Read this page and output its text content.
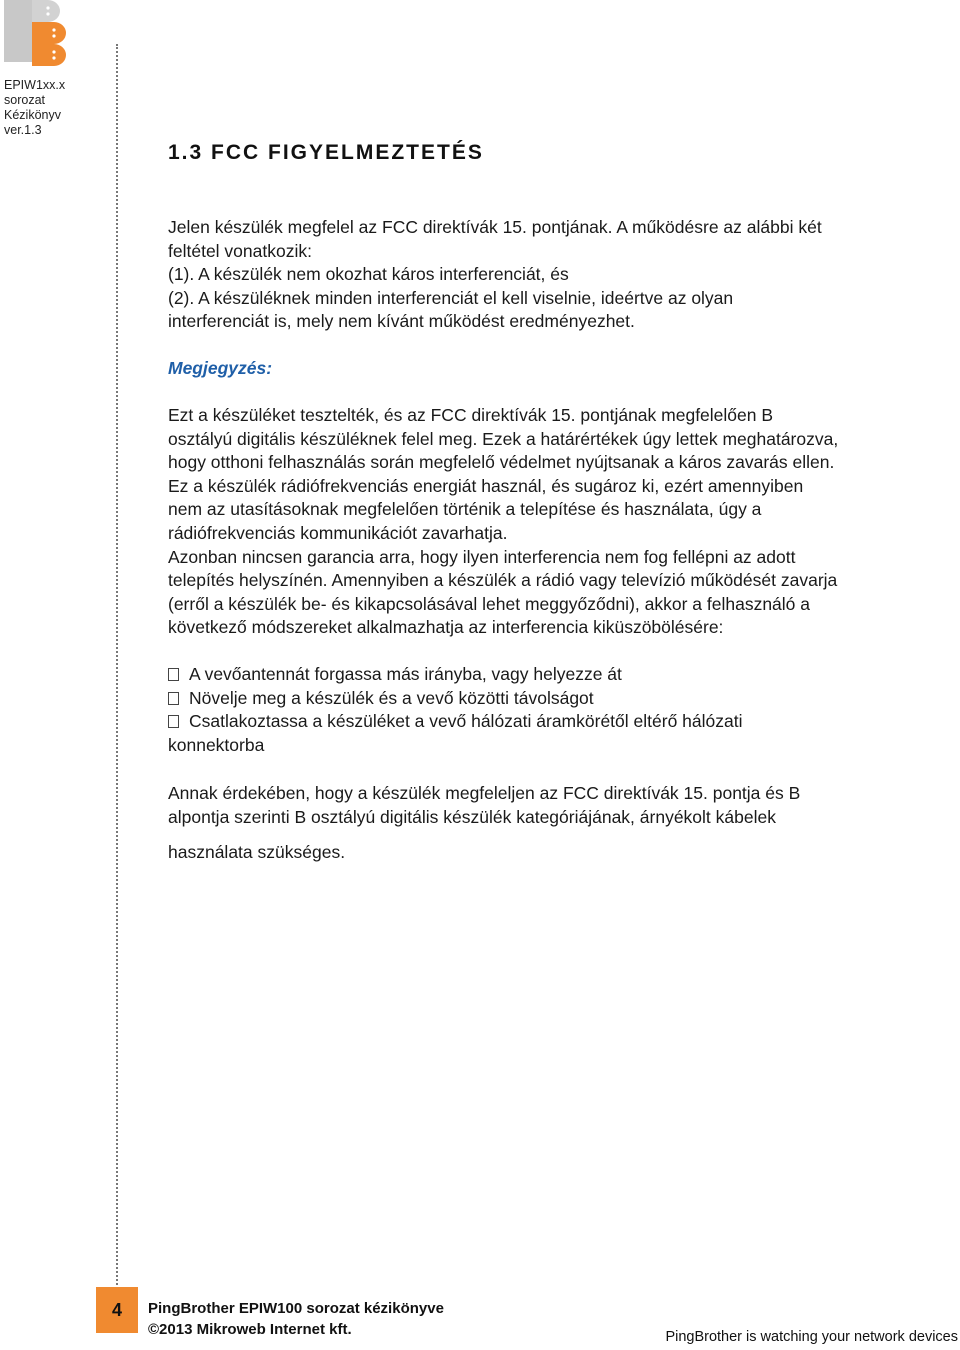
EPIW1xx.x
sorozat
Kézikönyv
ver.1.3
1.3 FCC FIGYELMEZTETÉS
Jelen készülék megfelel az FCC direktívák 15. pontjának. A működésre az alábbi két
feltétel vonatkozik:
(1). A készülék nem okozhat káros interferenciát, és
(2). A készüléknek minden interferenciát el kell viselnie, ideértve az olyan
interferenciát is, mely nem kívánt működést eredményezhet.
Megjegyzés:
Ezt a készüléket tesztelték, és az FCC direktívák 15. pontjának megfelelően B
osztályú digitális készüléknek felel meg. Ezek a határértékek úgy lettek meghatározva,
hogy otthoni felhasználás során megfelelő védelmet nyújtsanak a káros zavarás ellen.
Ez a készülék rádiófrekvenciás energiát használ, és sugároz ki, ezért amennyiben
nem az utasításoknak megfelelően történik a telepítése és használata, úgy a
rádiófrekvenciás kommunikációt zavarhatja.
Azonban nincsen garancia arra, hogy ilyen interferencia nem fog fellépni az adott
telepítés helyszínén. Amennyiben a készülék a rádió vagy televízió működését zavarja
(erről a készülék be- és kikapcsolásával lehet meggyőződni), akkor a felhasználó a
következő módszereket alkalmazhatja az interferencia kiküszöbölésére:
A vevőantennát forgassa más irányba, vagy helyezze át
Növelje meg a készülék és a vevő közötti távolságot
Csatlakoztassa a készüléket a vevő hálózati áramkörétől eltérő hálózati
konnektorba
Annak érdekében, hogy a készülék megfeleljen az FCC direktívák 15. pontja és B
alpontja szerinti B osztályú digitális készülék kategóriájának, árnyékolt kábelek
használata szükséges.
4	PingBrother EPIW100 sorozat kézikönyve
©2013 Mikroweb Internet kft.	PingBrother is watching your network devices
